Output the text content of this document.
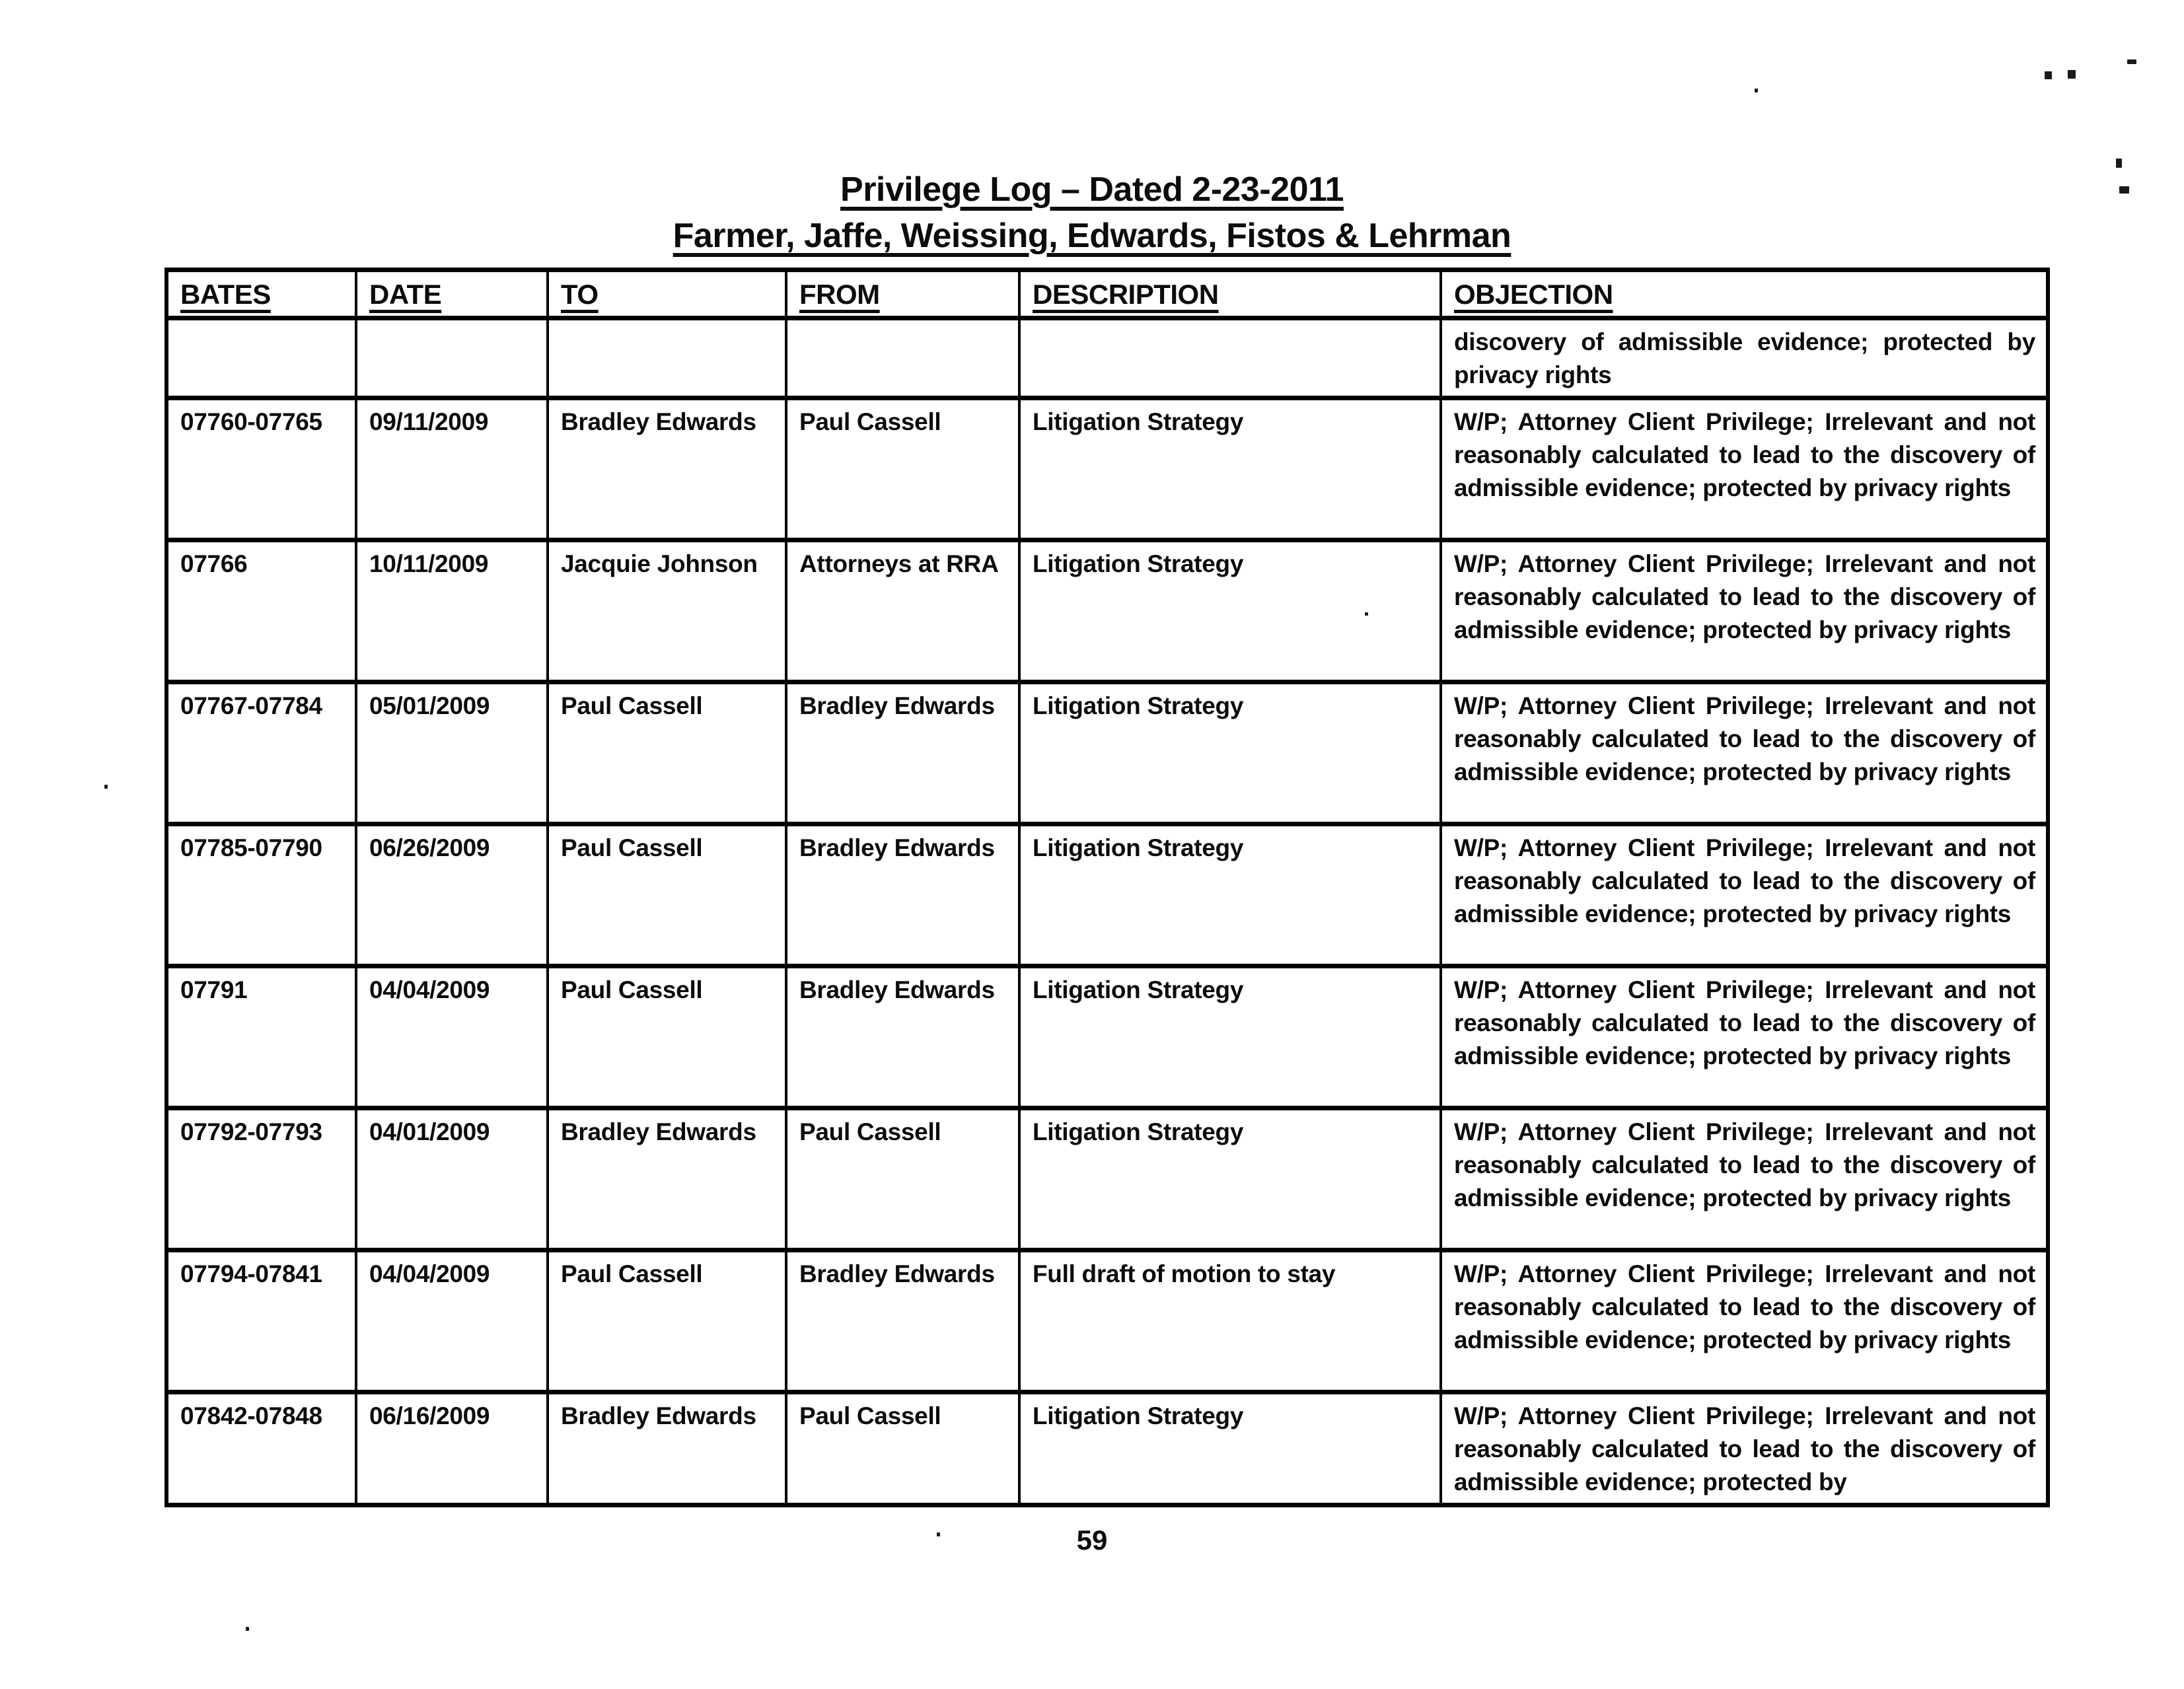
Privilege Log – Dated 2-23-2011
Farmer, Jaffe, Weissing, Edwards, Fistos & Lehrman
BATES	DATE	TO	FROM	DESCRIPTION	OBJECTION
					discovery of admissible evidence; protected by privacy rights
07760-07765	09/11/2009	Bradley Edwards	Paul Cassell	Litigation Strategy	W/P; Attorney Client Privilege; Irrelevant and not reasonably calculated to lead to the discovery of admissible evidence; protected by privacy rights
07766	10/11/2009	Jacquie Johnson	Attorneys at RRA	Litigation Strategy	W/P; Attorney Client Privilege; Irrelevant and not reasonably calculated to lead to the discovery of admissible evidence; protected by privacy rights
07767-07784	05/01/2009	Paul Cassell	Bradley Edwards	Litigation Strategy	W/P; Attorney Client Privilege; Irrelevant and not reasonably calculated to lead to the discovery of admissible evidence; protected by privacy rights
07785-07790	06/26/2009	Paul Cassell	Bradley Edwards	Litigation Strategy	W/P; Attorney Client Privilege; Irrelevant and not reasonably calculated to lead to the discovery of admissible evidence; protected by privacy rights
07791	04/04/2009	Paul Cassell	Bradley Edwards	Litigation Strategy	W/P; Attorney Client Privilege; Irrelevant and not reasonably calculated to lead to the discovery of admissible evidence; protected by privacy rights
07792-07793	04/01/2009	Bradley Edwards	Paul Cassell	Litigation Strategy	W/P; Attorney Client Privilege; Irrelevant and not reasonably calculated to lead to the discovery of admissible evidence; protected by privacy rights
07794-07841	04/04/2009	Paul Cassell	Bradley Edwards	Full draft of motion to stay	W/P; Attorney Client Privilege; Irrelevant and not reasonably calculated to lead to the discovery of admissible evidence; protected by privacy rights
07842-07848	06/16/2009	Bradley Edwards	Paul Cassell	Litigation Strategy	W/P; Attorney Client Privilege; Irrelevant and not reasonably calculated to lead to the discovery of admissible evidence; protected by
59
